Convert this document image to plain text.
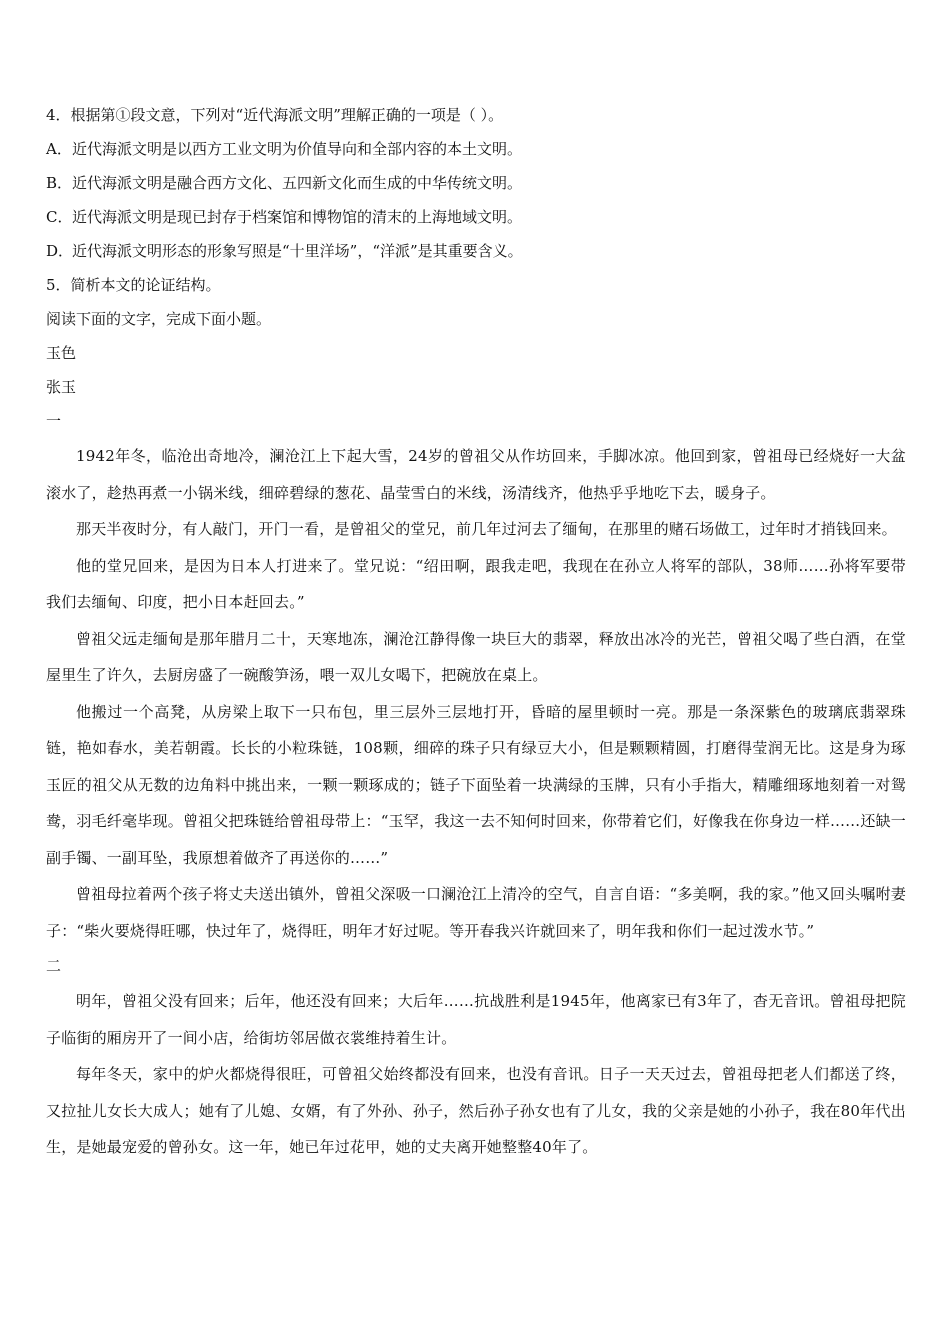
4．根据第①段文意，下列对“近代海派文明”理解正确的一项是（ ）。
A．近代海派文明是以西方工业文明为价值导向和全部内容的本土文明。
B．近代海派文明是融合西方文化、五四新文化而生成的中华传统文明。
C．近代海派文明是现已封存于档案馆和博物馆的清末的上海地域文明。
D．近代海派文明形态的形象写照是“十里洋场”，“洋派”是其重要含义。
5．简析本文的论证结构。
阅读下面的文字，完成下面小题。
玉色
张玉
一

1942年冬，临沧出奇地冷，澜沧江上下起大雪，24岁的曾祖父从作坊回来，手脚冰凉。他回到家，曾祖母已经烧好一大盆滚水了，趁热再煮一小锅米线，细碎碧绿的葱花、晶莹雪白的米线，汤清线齐，他热乎乎地吃下去，暖身子。

那天半夜时分，有人敲门，开门一看，是曾祖父的堂兄，前几年过河去了缅甸，在那里的赌石场做工，过年时才捎钱回来。

他的堂兄回来，是因为日本人打进来了。堂兄说：“绍田啊，跟我走吧，我现在在孙立人将军的部队，38师……孙将军要带我们去缅甸、印度，把小日本赶回去。”

曾祖父远走缅甸是那年腊月二十，天寒地冻，澜沧江静得像一块巨大的翡翠，释放出冰冷的光芒，曾祖父喝了些白酒，在堂屋里生了许久，去厨房盛了一碗酸笋汤，喂一双儿女喝下，把碗放在桌上。

他搬过一个高凳，从房梁上取下一只布包，里三层外三层地打开，昏暗的屋里顿时一亮。那是一条深紫色的玻璃底翡翠珠链，艳如春水，美若朝霞。长长的小粒珠链，108颗，细碎的珠子只有绿豆大小，但是颗颗精圆，打磨得莹润无比。这是身为琢玉匠的祖父从无数的边角料中挑出来，一颗一颗琢成的；链子下面坠着一块满绿的玉牌，只有小手指大，精雕细琢地刻着一对鸳鸯，羽毛纤毫毕现。曾祖父把珠链给曾祖母带上：“玉罕，我这一去不知何时回来，你带着它们，好像我在你身边一样……还缺一副手镯、一副耳坠，我原想着做齐了再送你的……”

曾祖母拉着两个孩子将丈夫送出镇外，曾祖父深吸一口澜沧江上清冷的空气，自言自语：“多美啊，我的家。”他又回头嘱咐妻子：“柴火要烧得旺哪，快过年了，烧得旺，明年才好过呢。等开春我兴许就回来了，明年我和你们一起过泼水节。”

二

明年，曾祖父没有回来；后年，他还没有回来；大后年……抗战胜利是1945年，他离家已有3年了，杳无音讯。曾祖母把院子临街的厢房开了一间小店，给街坊邻居做衣裳维持着生计。

每年冬天，家中的炉火都烧得很旺，可曾祖父始终都没有回来，也没有音讯。日子一天天过去，曾祖母把老人们都送了终，又拉扯儿女长大成人；她有了儿媳、女婿，有了外孙、孙子，然后孙子孙女也有了儿女，我的父亲是她的小孙子，我在80年代出生，是她最宠爱的曾孙女。这一年，她已年过花甲，她的丈夫离开她整整40年了。
